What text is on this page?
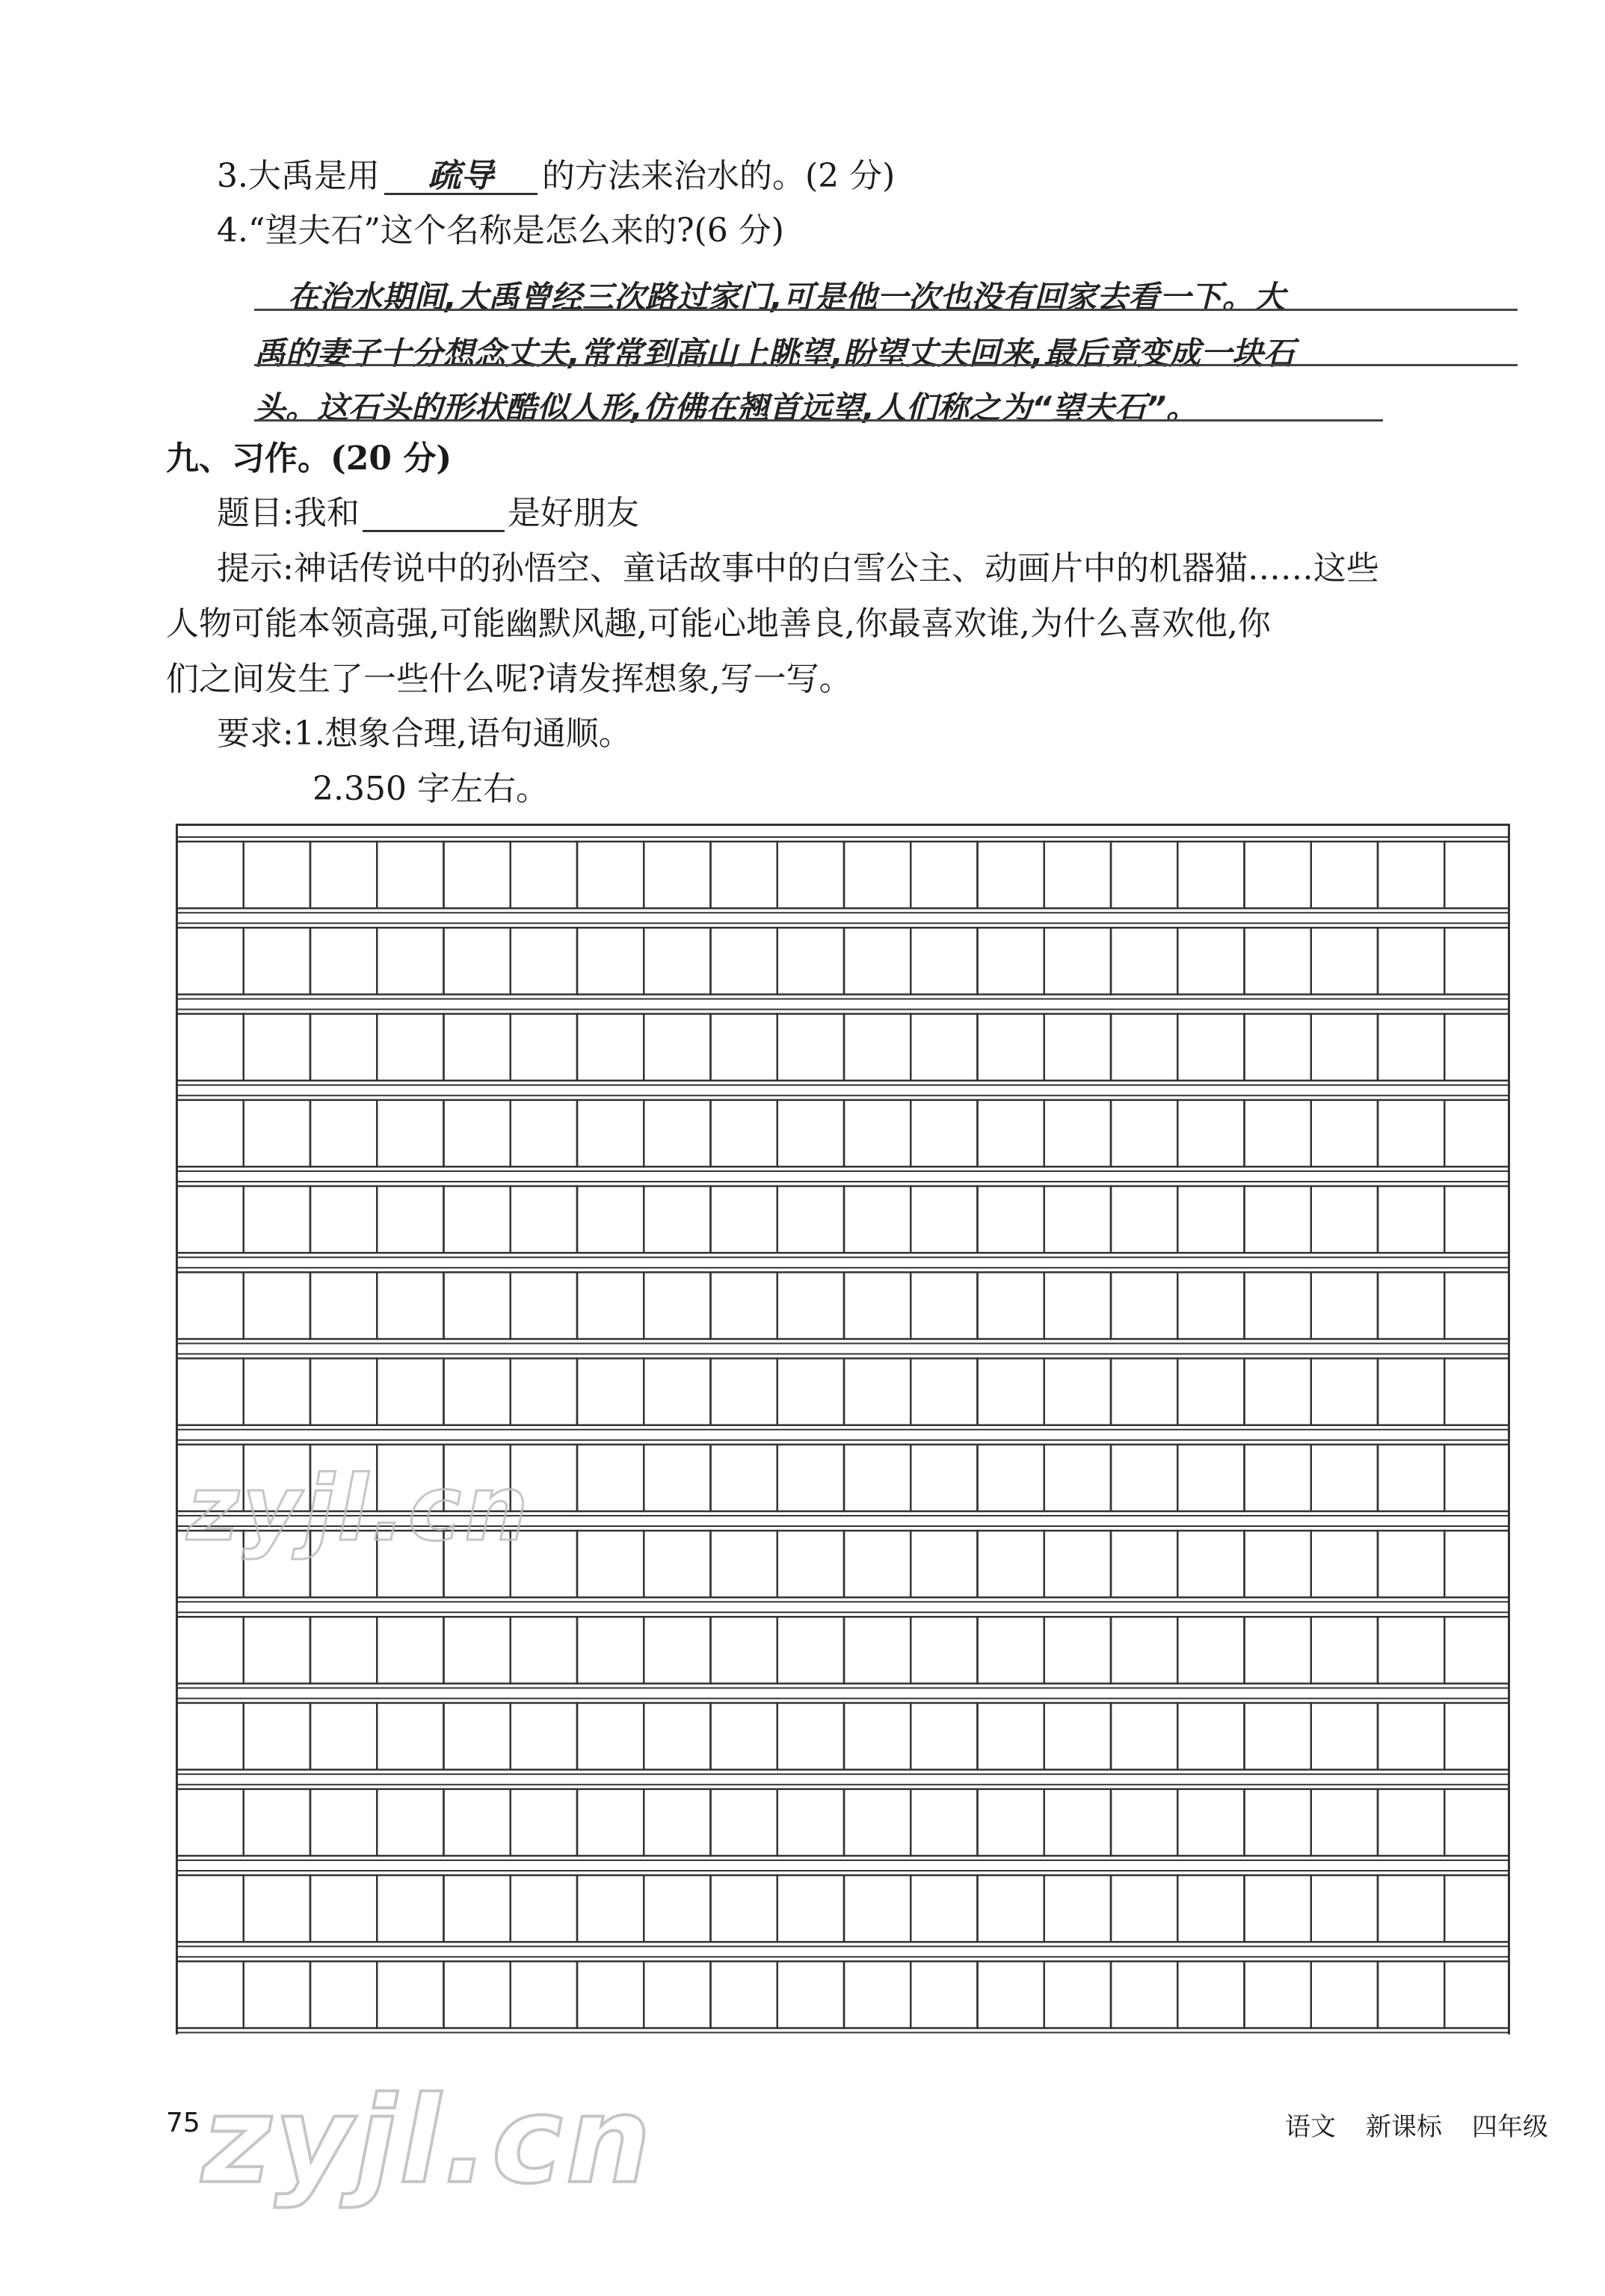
3.大禹是用 疏导 的方法来治水的。(2 分)
4.“望夫石”这个名称是怎么来的?(6 分)
在治水期间,大禹曾经三次路过家门,可是他一次也没有回家去看一下。大
禹的妻子十分想念丈夫,常常到高山上眺望,盼望丈夫回来,最后竟变成一块石
头。这石头的形状酷似人形,仿佛在翘首远望,人们称之为“望夫石”。
九、习作。(20 分)
题目:我和	是好朋友
提示:神话传说中的孙悟空、童话故事中的白雪公主、动画片中的机器猫……这些
人物可能本领高强,可能幽默风趣,可能心地善良,你最喜欢谁,为什么喜欢他,你
们之间发生了一些什么呢?请发挥想象,写一写。
要求:1.想象合理,语句通顺。
2.350 字左右。
zyjl.cn
zyjl.cn
75	语文 新课标 四年级
